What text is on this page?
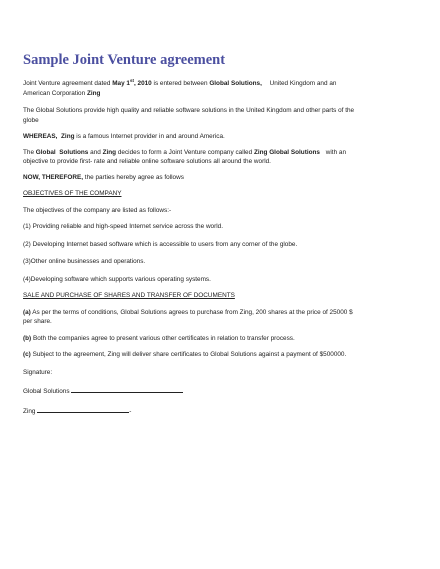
Sample Joint Venture agreement

Joint Venture agreement dated May 1st, 2010 is entered between Global Solutions, United Kingdom and an
American Corporation Zing

The Global Solutions provide high quality and reliable software solutions in the United Kingdom and other parts of the
globe

WHEREAS, Zing is a famous Internet provider in and around America.

The Global Solutions and Zing decides to form a Joint Venture company called Zing Global Solutions with an
objective to provide first- rate and reliable online software solutions all around the world.

NOW, THEREFORE, the parties hereby agree as follows

OBJECTIVES OF THE COMPANY

The objectives of the company are listed as follows:-

(1) Providing reliable and high-speed Internet service across the world.

(2) Developing Internet based software which is accessible to users from any corner of the globe.

(3)Other online businesses and operations.

(4)Developing software which supports various operating systems.

SALE AND PURCHASE OF SHARES AND TRANSFER OF DOCUMENTS

(a) As per the terms of conditions, Global Solutions agrees to purchase from Zing, 200 shares at the price of 25000 $
per share.

(b) Both the companies agree to present various other certificates in relation to transfer process.

(c) Subject to the agreement, Zing will deliver share certificates to Global Solutions against a payment of $500000.

Signature:

Global Solutions

Zing	-
